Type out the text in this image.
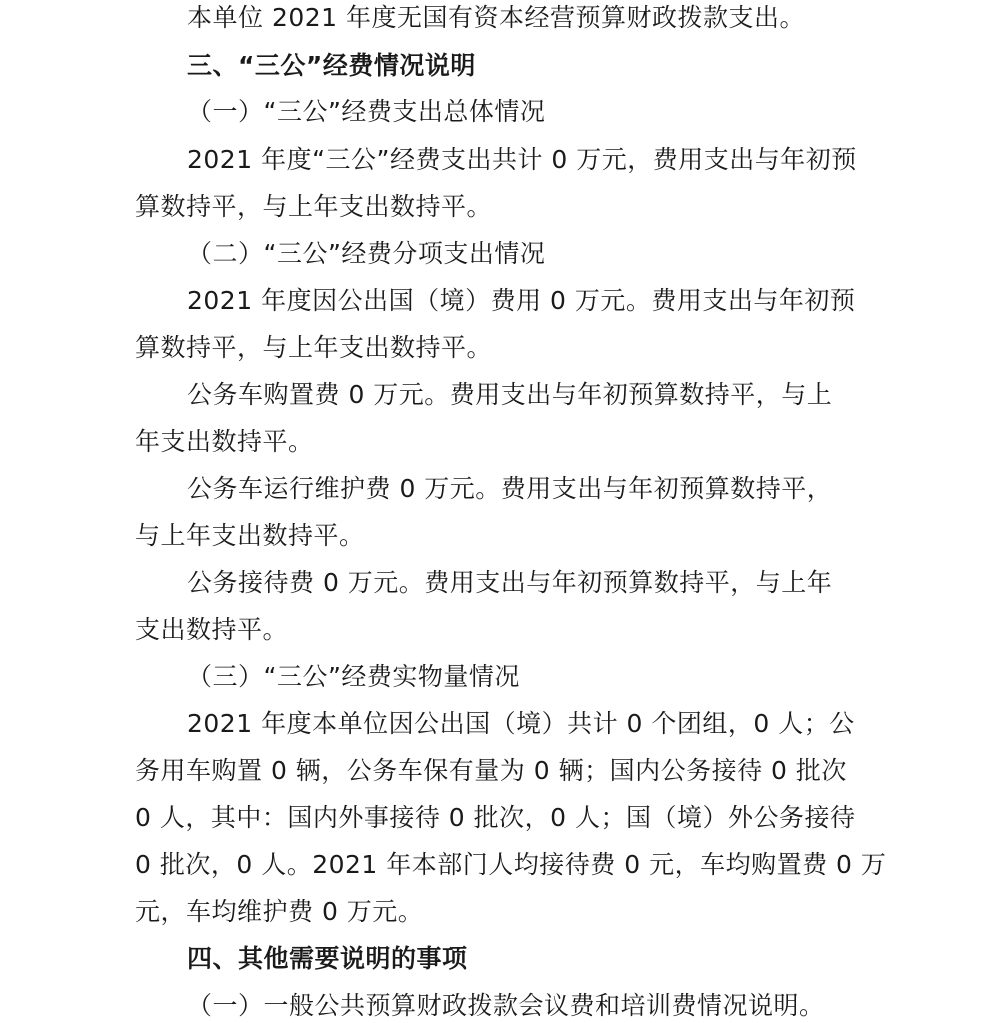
本单位 2021 年度无国有资本经营预算财政拨款支出。
三、“三公”经费情况说明
（一）“三公”经费支出总体情况
2021 年度“三公”经费支出共计 0 万元，费用支出与年初预
算数持平，与上年支出数持平。
（二）“三公”经费分项支出情况
2021 年度因公出国（境）费用 0 万元。费用支出与年初预
算数持平，与上年支出数持平。
公务车购置费 0 万元。费用支出与年初预算数持平，与上
年支出数持平。
公务车运行维护费 0 万元。费用支出与年初预算数持平，
与上年支出数持平。
公务接待费 0 万元。费用支出与年初预算数持平，与上年
支出数持平。
（三）“三公”经费实物量情况
2021 年度本单位因公出国（境）共计 0 个团组，0 人；公
务用车购置 0 辆，公务车保有量为 0 辆；国内公务接待 0 批次
0 人，其中：国内外事接待 0 批次，0 人；国（境）外公务接待
0 批次，0 人。2021 年本部门人均接待费 0 元，车均购置费 0 万
元，车均维护费 0 万元。
四、其他需要说明的事项
（一）一般公共预算财政拨款会议费和培训费情况说明。
